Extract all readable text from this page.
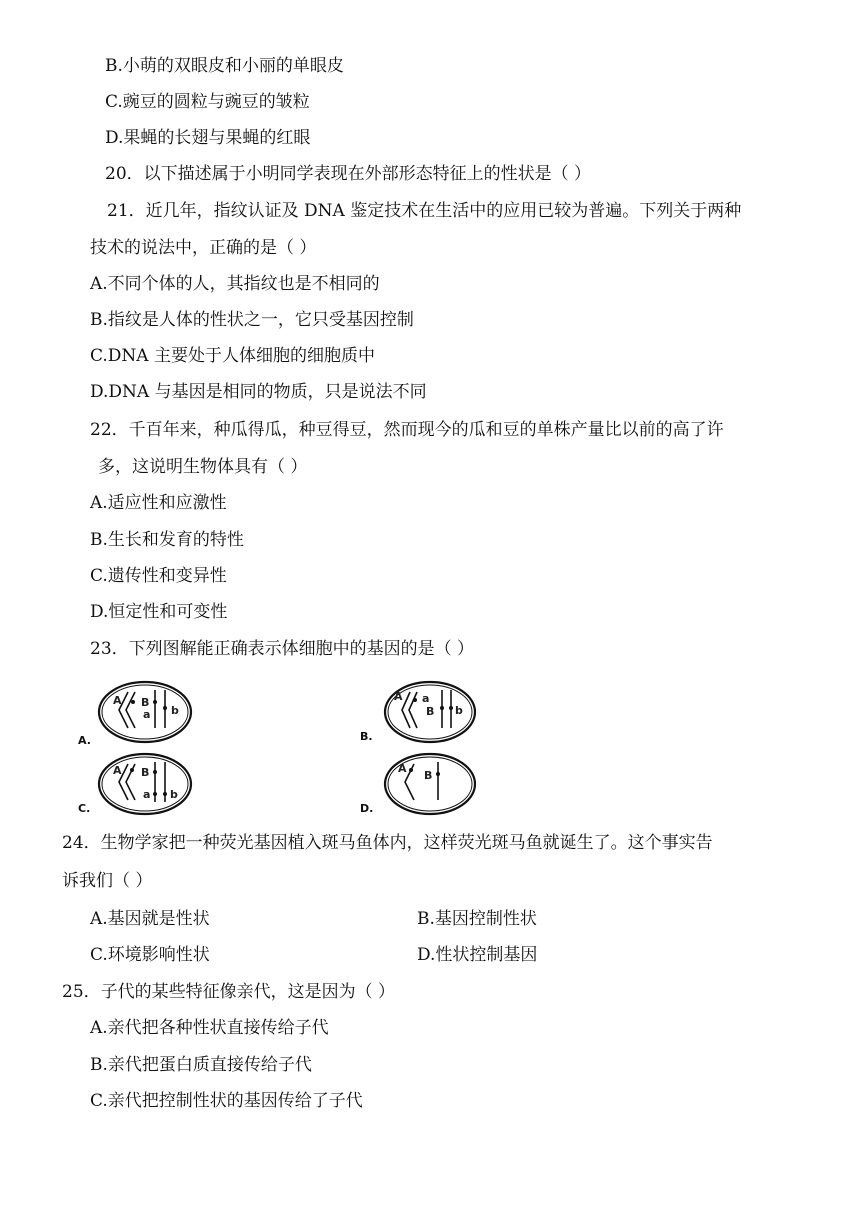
B.小萌的双眼皮和小丽的单眼皮
C.豌豆的圆粒与豌豆的皱粒
D.果蝇的长翅与果蝇的红眼
20．以下描述属于小明同学表现在外部形态特征上的性状是（ ）
21．近几年，指纹认证及 DNA 鉴定技术在生活中的应用已较为普遍。下列关于两种
技术的说法中，正确的是（ ）
A.不同个体的人，其指纹也是不相同的
B.指纹是人体的性状之一，它只受基因控制
C.DNA 主要处于人体细胞的细胞质中
D.DNA 与基因是相同的物质，只是说法不同
22．千百年来，种瓜得瓜，种豆得豆，然而现今的瓜和豆的单株产量比以前的高了许
多，这说明生物体具有（ ）
A.适应性和应激性
B.生长和发育的特性
C.遗传性和变异性
D.恒定性和可变性
23．下列图解能正确表示体细胞中的基因的是（ ）
A.
A B
a b
B.
A a
B b
C.
A B
a b
D.
A
B
24．生物学家把一种荧光基因植入斑马鱼体内，这样荧光斑马鱼就诞生了。这个事实告
诉我们（ ）
A.基因就是性状	B.基因控制性状
C.环境影响性状	D.性状控制基因
25．子代的某些特征像亲代，这是因为（ ）
A.亲代把各种性状直接传给子代
B.亲代把蛋白质直接传给子代
C.亲代把控制性状的基因传给了子代
